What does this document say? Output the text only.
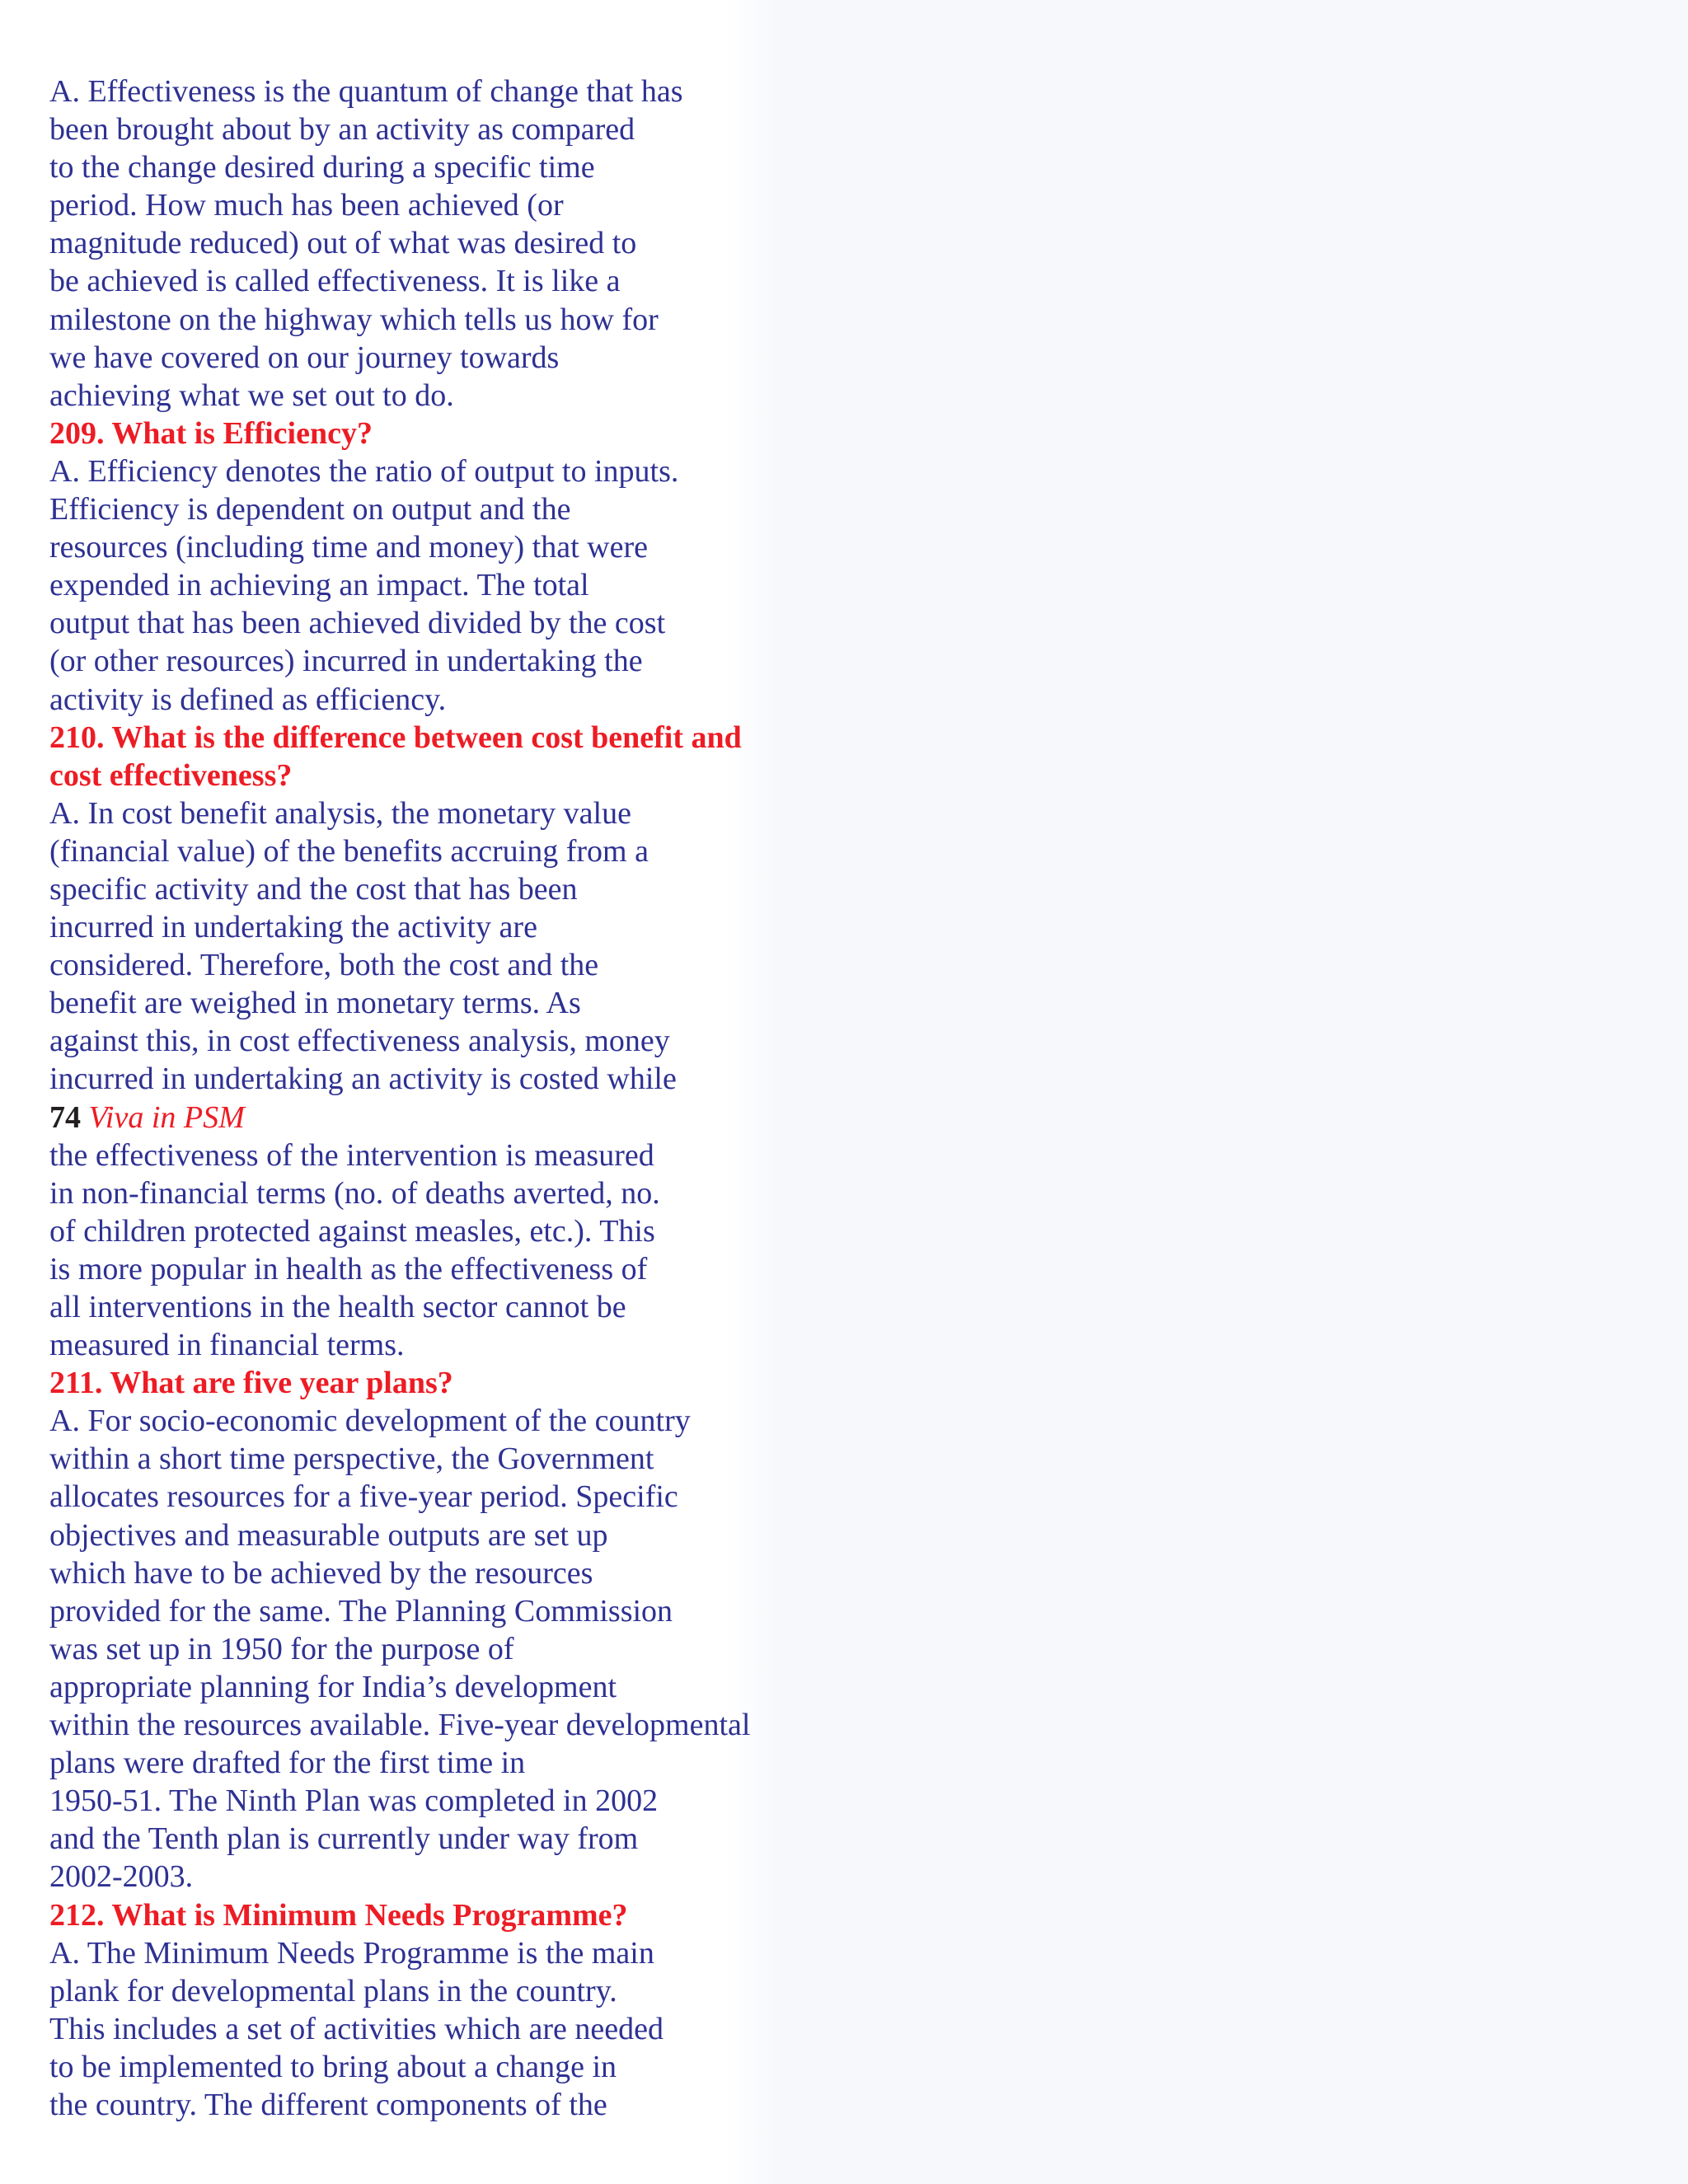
A. Effectiveness is the quantum of change that has
been brought about by an activity as compared
to the change desired during a specific time
period. How much has been achieved (or
magnitude reduced) out of what was desired to
be achieved is called effectiveness. It is like a
milestone on the highway which tells us how for
we have covered on our journey towards
achieving what we set out to do.
209. What is Efficiency?
A. Efficiency denotes the ratio of output to inputs.
Efficiency is dependent on output and the
resources (including time and money) that were
expended in achieving an impact. The total
output that has been achieved divided by the cost
(or other resources) incurred in undertaking the
activity is defined as efficiency.
210. What is the difference between cost benefit and
cost effectiveness?
A. In cost benefit analysis, the monetary value
(financial value) of the benefits accruing from a
specific activity and the cost that has been
incurred in undertaking the activity are
considered. Therefore, both the cost and the
benefit are weighed in monetary terms. As
against this, in cost effectiveness analysis, money
incurred in undertaking an activity is costed while
74 Viva in PSM
the effectiveness of the intervention is measured
in non-financial terms (no. of deaths averted, no.
of children protected against measles, etc.). This
is more popular in health as the effectiveness of
all interventions in the health sector cannot be
measured in financial terms.
211. What are five year plans?
A. For socio-economic development of the country
within a short time perspective, the Government
allocates resources for a five-year period. Specific
objectives and measurable outputs are set up
which have to be achieved by the resources
provided for the same. The Planning Commission
was set up in 1950 for the purpose of
appropriate planning for India’s development
within the resources available. Five-year developmental
plans were drafted for the first time in
1950-51. The Ninth Plan was completed in 2002
and the Tenth plan is currently under way from
2002-2003.
212. What is Minimum Needs Programme?
A. The Minimum Needs Programme is the main
plank for developmental plans in the country.
This includes a set of activities which are needed
to be implemented to bring about a change in
the country. The different components of the
